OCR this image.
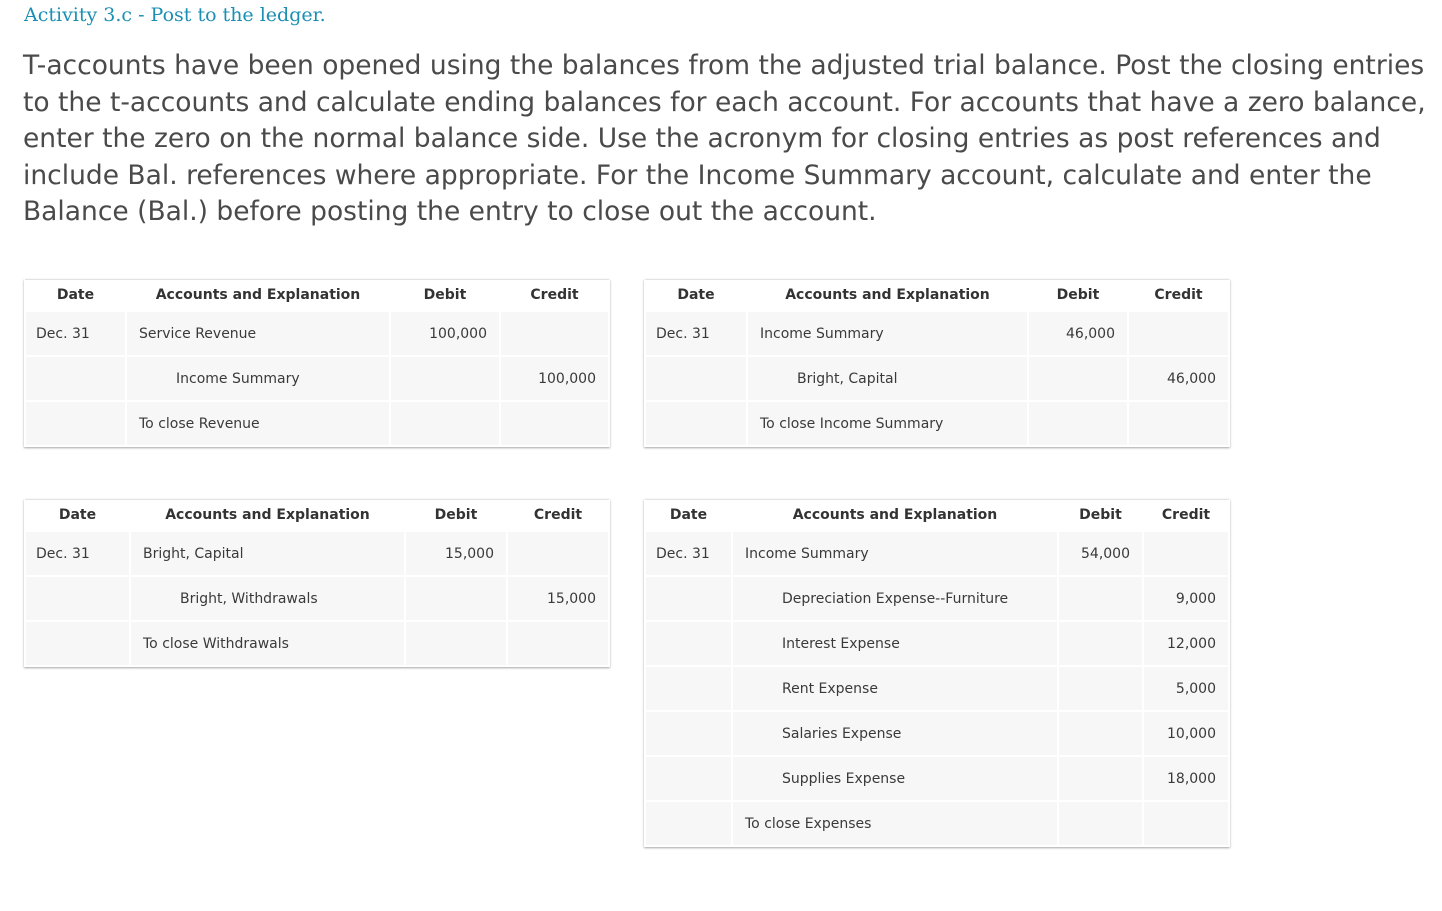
Activity 3.c - Post to the ledger.

T-accounts have been opened using the balances from the adjusted trial balance. Post the closing entries to the t-accounts and calculate ending balances for each account. For accounts that have a zero balance, enter the zero on the normal balance side. Use the acronym for closing entries as post references and include Bal. references where appropriate. For the Income Summary account, calculate and enter the Balance (Bal.) before posting the entry to close out the account.

Date	Accounts and Explanation	Debit	Credit
Dec. 31	Service Revenue	100,000	
	Income Summary		100,000
	To close Revenue		
Date	Accounts and Explanation	Debit	Credit
Dec. 31	Income Summary	46,000	
	Bright, Capital		46,000
	To close Income Summary		
Date	Accounts and Explanation	Debit	Credit
Dec. 31	Bright, Capital	15,000	
	Bright, Withdrawals		15,000
	To close Withdrawals		
Date	Accounts and Explanation	Debit	Credit
Dec. 31	Income Summary	54,000	
	Depreciation Expense--Furniture		9,000
	Interest Expense		12,000
	Rent Expense		5,000
	Salaries Expense		10,000
	Supplies Expense		18,000
	To close Expenses		
